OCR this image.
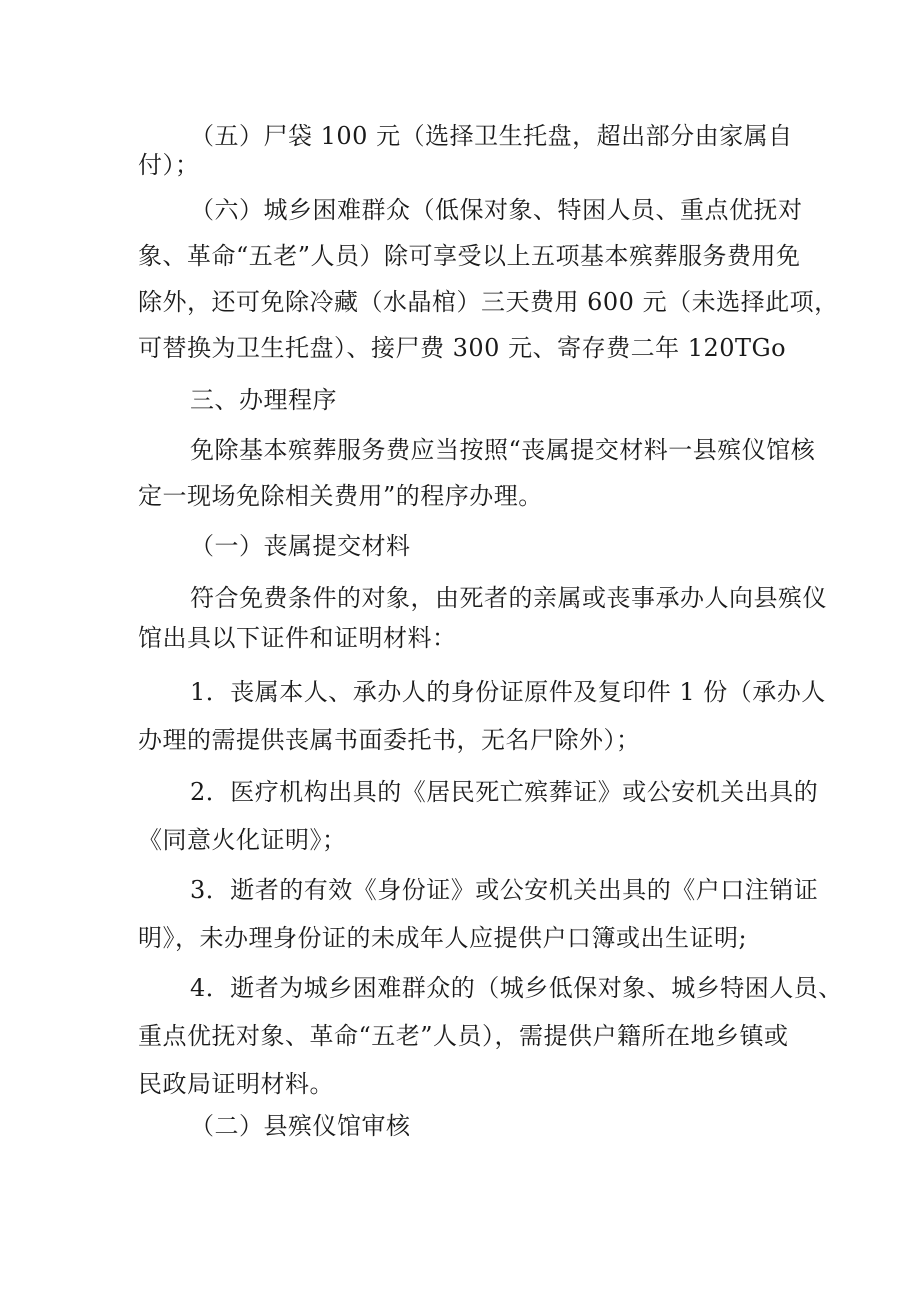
（五）尸袋 100 元（选择卫生托盘，超出部分由家属自
付）；
（六）城乡困难群众（低保对象、特困人员、重点优抚对
象、革命“五老”人员）除可享受以上五项基本殡葬服务费用免
除外，还可免除冷藏（水晶棺）三天费用 600 元（未选择此项，
可替换为卫生托盘）、接尸费 300 元、寄存费二年 120TGo
三、办理程序
免除基本殡葬服务费应当按照“丧属提交材料一县殡仪馆核
定一现场免除相关费用”的程序办理。
（一）丧属提交材料
符合免费条件的对象，由死者的亲属或丧事承办人向县殡仪
馆出具以下证件和证明材料：
1．丧属本人、承办人的身份证原件及复印件 1 份（承办人
办理的需提供丧属书面委托书，无名尸除外）；
2．医疗机构出具的《居民死亡殡葬证》或公安机关出具的
《同意火化证明》；
3．逝者的有效《身份证》或公安机关出具的《户口注销证
明》，未办理身份证的未成年人应提供户口簿或出生证明;
4．逝者为城乡困难群众的（城乡低保对象、城乡特困人员、
重点优抚对象、革命“五老”人员），需提供户籍所在地乡镇或
民政局证明材料。
（二）县殡仪馆审核
